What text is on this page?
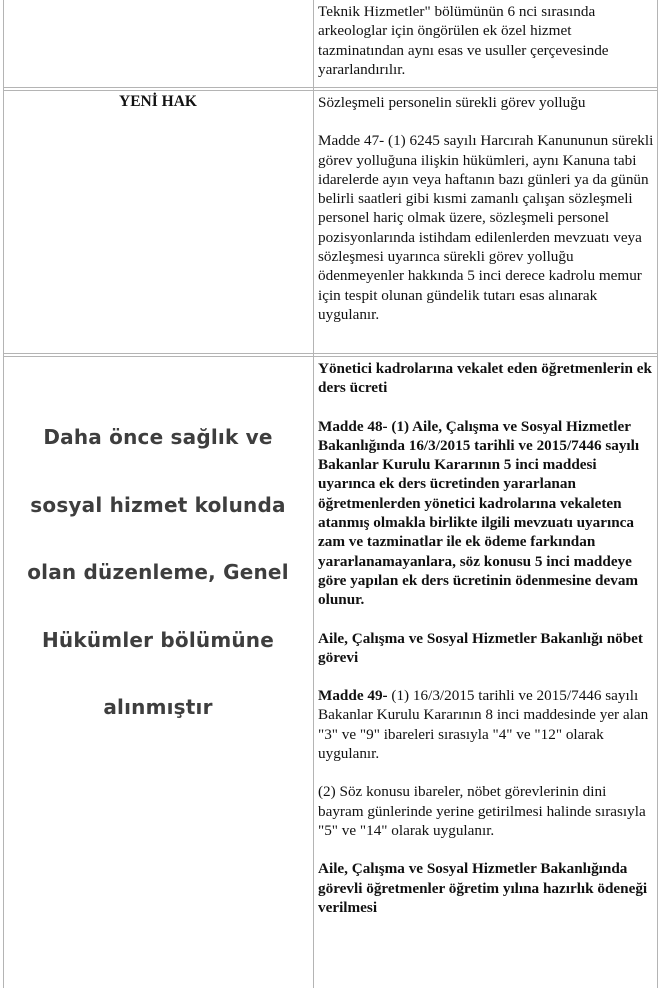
Teknik Hizmetler" bölümünün 6 nci sırasında

arkeologlar için öngörülen ek özel hizmet

tazminatından aynı esas ve usuller çerçevesinde

yararlandırılır.

YENİ HAK	Sözleşmeli personelin sürekli görev yolluğu

Madde 47- (1) 6245 sayılı Harcırah Kanununun sürekli görev yolluğuna ilişkin hükümleri, aynı Kanuna tabi idarelerde ayın veya haftanın bazı günleri ya da günün belirli saatleri gibi kısmi zamanlı çalışan sözleşmeli personel hariç olmak üzere, sözleşmeli personel pozisyonlarında istihdam edilenlerden mevzuatı veya sözleşmesi uyarınca sürekli görev yolluğu ödenmeyenler hakkında 5 inci derece kadrolu memur için tespit olunan gündelik tutarı esas alınarak uygulanır.

Daha önce sağlık ve
sosyal hizmet kolunda
olan düzenleme, Genel
Hükümler bölümüne
alınmıştır

Yönetici kadrolarına vekalet eden öğretmenlerin ek ders ücreti

Madde 48- (1) Aile, Çalışma ve Sosyal Hizmetler Bakanlığında 16/3/2015 tarihli ve 2015/7446 sayılı Bakanlar Kurulu Kararının 5 inci maddesi uyarınca ek ders ücretinden yararlanan öğretmenlerden yönetici kadrolarına vekaleten atanmış olmakla birlikte ilgili mevzuatı uyarınca zam ve tazminatlar ile ek ödeme farkından yararlanamayanlara, söz konusu 5 inci maddeye göre yapılan ek ders ücretinin ödenmesine devam olunur.

Aile, Çalışma ve Sosyal Hizmetler Bakanlığı nöbet görevi

Madde 49- (1) 16/3/2015 tarihli ve 2015/7446 sayılı Bakanlar Kurulu Kararının 8 inci maddesinde yer alan "3" ve "9" ibareleri sırasıyla "4" ve "12" olarak uygulanır.

(2) Söz konusu ibareler, nöbet görevlerinin dini bayram günlerinde yerine getirilmesi halinde sırasıyla "5" ve "14" olarak uygulanır.

Aile, Çalışma ve Sosyal Hizmetler Bakanlığında görevli öğretmenler öğretim yılına hazırlık ödeneği verilmesi
